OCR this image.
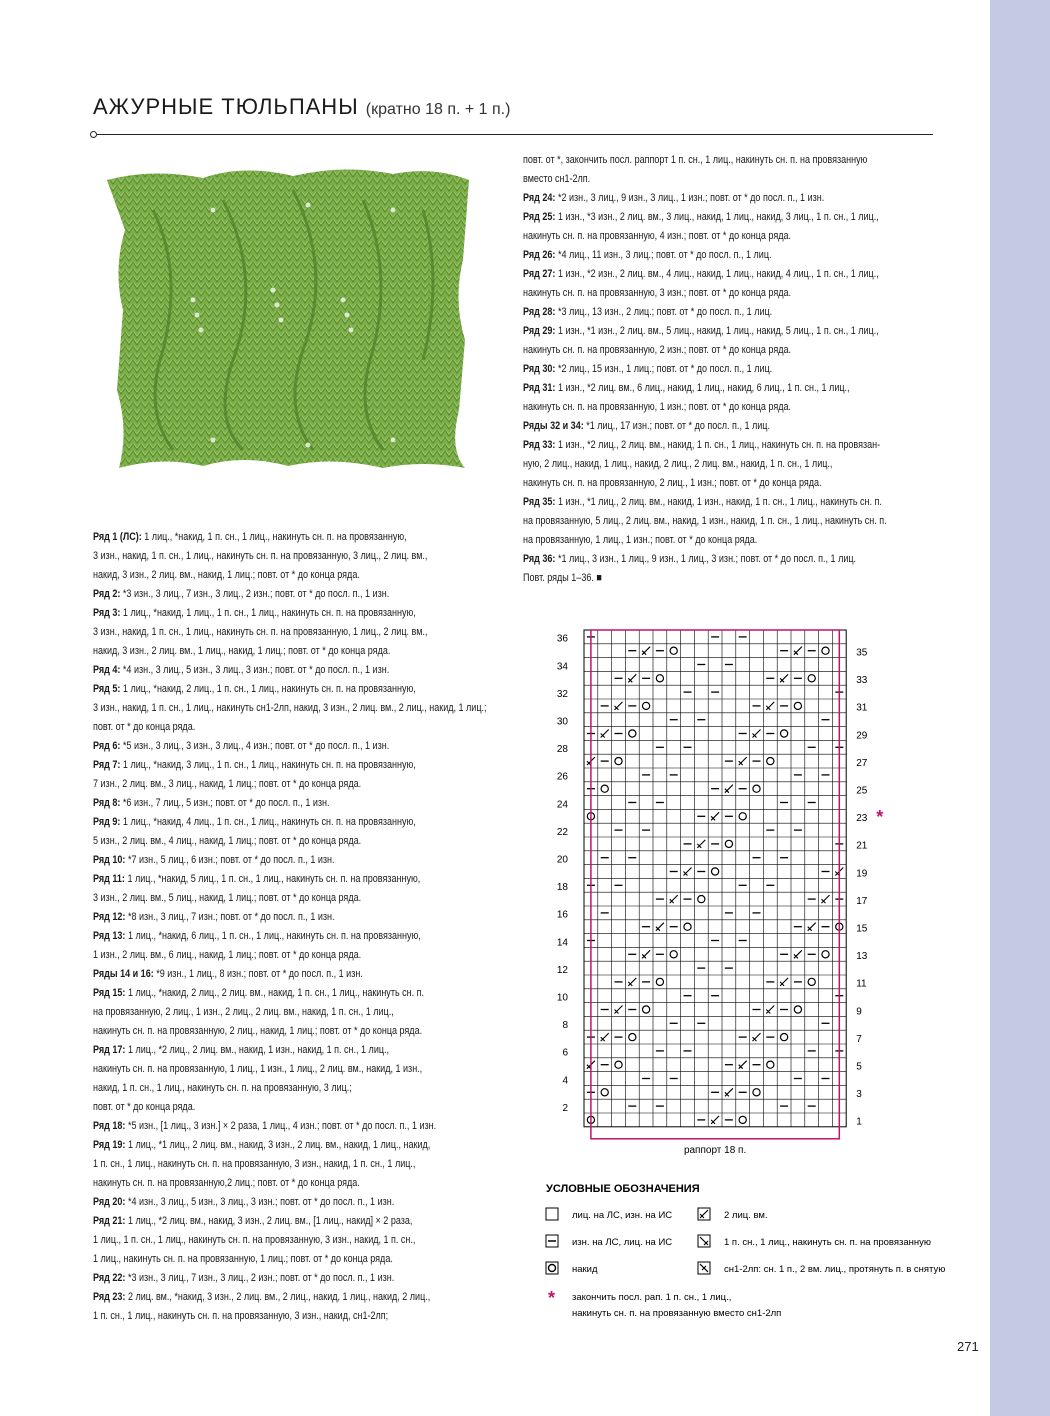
АЖУРНЫЕ ТЮЛЬПАНЫ (кратно 18 п. + 1 п.)
Ряд 1 (ЛС): 1 лиц., *накид, 1 п. сн., 1 лиц., накинуть сн. п. на провязанную,
3 изн., накид, 1 п. сн., 1 лиц., накинуть сн. п. на провязанную, 3 лиц., 2 лиц. вм.,
накид, 3 изн., 2 лиц. вм., накид, 1 лиц.; повт. от * до конца ряда.
Ряд 2: *3 изн., 3 лиц., 7 изн., 3 лиц., 2 изн.; повт. от * до посл. п., 1 изн.
Ряд 3: 1 лиц., *накид, 1 лиц., 1 п. сн., 1 лиц., накинуть сн. п. на провязанную,
3 изн., накид, 1 п. сн., 1 лиц., накинуть сн. п. на провязанную, 1 лиц., 2 лиц. вм.,
накид, 3 изн., 2 лиц. вм., 1 лиц., накид, 1 лиц.; повт. от * до конца ряда.
Ряд 4: *4 изн., 3 лиц., 5 изн., 3 лиц., 3 изн.; повт. от * до посл. п., 1 изн.
Ряд 5: 1 лиц., *накид, 2 лиц., 1 п. сн., 1 лиц., накинуть сн. п. на провязанную,
3 изн., накид, 1 п. сн., 1 лиц., накинуть сн1-2лп, накид, 3 изн., 2 лиц. вм., 2 лиц., накид, 1 лиц.;
повт. от * до конца ряда.
Ряд 6: *5 изн., 3 лиц., 3 изн., 3 лиц., 4 изн.; повт. от * до посл. п., 1 изн.
Ряд 7: 1 лиц., *накид, 3 лиц., 1 п. сн., 1 лиц., накинуть сн. п. на провязанную,
7 изн., 2 лиц. вм., 3 лиц., накид, 1 лиц.; повт. от * до конца ряда.
Ряд 8: *6 изн., 7 лиц., 5 изн.; повт. от * до посл. п., 1 изн.
Ряд 9: 1 лиц., *накид, 4 лиц., 1 п. сн., 1 лиц., накинуть сн. п. на провязанную,
5 изн., 2 лиц. вм., 4 лиц., накид, 1 лиц.; повт. от * до конца ряда.
Ряд 10: *7 изн., 5 лиц., 6 изн.; повт. от * до посл. п., 1 изн.
Ряд 11: 1 лиц., *накид, 5 лиц., 1 п. сн., 1 лиц., накинуть сн. п. на провязанную,
3 изн., 2 лиц. вм., 5 лиц., накид, 1 лиц.; повт. от * до конца ряда.
Ряд 12: *8 изн., 3 лиц., 7 изн.; повт. от * до посл. п., 1 изн.
Ряд 13: 1 лиц., *накид, 6 лиц., 1 п. сн., 1 лиц., накинуть сн. п. на провязанную,
1 изн., 2 лиц. вм., 6 лиц., накид, 1 лиц.; повт. от * до конца ряда.
Ряды 14 и 16: *9 изн., 1 лиц., 8 изн.; повт. от * до посл. п., 1 изн.
Ряд 15: 1 лиц., *накид, 2 лиц., 2 лиц. вм., накид, 1 п. сн., 1 лиц., накинуть сн. п.
на провязанную, 2 лиц., 1 изн., 2 лиц., 2 лиц. вм., накид, 1 п. сн., 1 лиц.,
накинуть сн. п. на провязанную, 2 лиц., накид, 1 лиц.; повт. от * до конца ряда.
Ряд 17: 1 лиц., *2 лиц., 2 лиц. вм., накид, 1 изн., накид, 1 п. сн., 1 лиц.,
накинуть сн. п. на провязанную, 1 лиц., 1 изн., 1 лиц., 2 лиц. вм., накид, 1 изн.,
накид, 1 п. сн., 1 лиц., накинуть сн. п. на провязанную, 3 лиц.;
повт. от * до конца ряда.
Ряд 18: *5 изн., [1 лиц., 3 изн.] × 2 раза, 1 лиц., 4 изн.; повт. от * до посл. п., 1 изн.
Ряд 19: 1 лиц., *1 лиц., 2 лиц. вм., накид, 3 изн., 2 лиц. вм., накид, 1 лиц., накид,
1 п. сн., 1 лиц., накинуть сн. п. на провязанную, 3 изн., накид, 1 п. сн., 1 лиц.,
накинуть сн. п. на провязанную,2 лиц.; повт. от * до конца ряда.
Ряд 20: *4 изн., 3 лиц., 5 изн., 3 лиц., 3 изн.; повт. от * до посл. п., 1 изн.
Ряд 21: 1 лиц., *2 лиц. вм., накид, 3 изн., 2 лиц. вм., [1 лиц., накид] × 2 раза,
1 лиц., 1 п. сн., 1 лиц., накинуть сн. п. на провязанную, 3 изн., накид, 1 п. сн.,
1 лиц., накинуть сн. п. на провязанную, 1 лиц.; повт. от * до конца ряда.
Ряд 22: *3 изн., 3 лиц., 7 изн., 3 лиц., 2 изн.; повт. от * до посл. п., 1 изн.
Ряд 23: 2 лиц. вм., *накид, 3 изн., 2 лиц. вм., 2 лиц., накид, 1 лиц., накид, 2 лиц.,
1 п. сн., 1 лиц., накинуть сн. п. на провязанную, 3 изн., накид, сн1-2лп;
повт. от *, закончить посл. раппорт 1 п. сн., 1 лиц., накинуть сн. п. на провязанную
вместо сн1-2лп.
Ряд 24: *2 изн., 3 лиц., 9 изн., 3 лиц., 1 изн.; повт. от * до посл. п., 1 изн.
Ряд 25: 1 изн., *3 изн., 2 лиц. вм., 3 лиц., накид, 1 лиц., накид, 3 лиц., 1 п. сн., 1 лиц.,
накинуть сн. п. на провязанную, 4 изн.; повт. от * до конца ряда.
Ряд 26: *4 лиц., 11 изн., 3 лиц.; повт. от * до посл. п., 1 лиц.
Ряд 27: 1 изн., *2 изн., 2 лиц. вм., 4 лиц., накид, 1 лиц., накид, 4 лиц., 1 п. сн., 1 лиц.,
накинуть сн. п. на провязанную, 3 изн.; повт. от * до конца ряда.
Ряд 28: *3 лиц., 13 изн., 2 лиц.; повт. от * до посл. п., 1 лиц.
Ряд 29: 1 изн., *1 изн., 2 лиц. вм., 5 лиц., накид, 1 лиц., накид, 5 лиц., 1 п. сн., 1 лиц.,
накинуть сн. п. на провязанную, 2 изн.; повт. от * до конца ряда.
Ряд 30: *2 лиц., 15 изн., 1 лиц.; повт. от * до посл. п., 1 лиц.
Ряд 31: 1 изн., *2 лиц. вм., 6 лиц., накид, 1 лиц., накид, 6 лиц., 1 п. сн., 1 лиц.,
накинуть сн. п. на провязанную, 1 изн.; повт. от * до конца ряда.
Ряды 32 и 34: *1 лиц., 17 изн.; повт. от * до посл. п., 1 лиц.
Ряд 33: 1 изн., *2 лиц., 2 лиц. вм., накид, 1 п. сн., 1 лиц., накинуть сн. п. на провязан-
ную, 2 лиц., накид, 1 лиц., накид, 2 лиц., 2 лиц. вм., накид, 1 п. сн., 1 лиц.,
накинуть сн. п. на провязанную, 2 лиц., 1 изн.; повт. от * до конца ряда.
Ряд 35: 1 изн., *1 лиц., 2 лиц. вм., накид, 1 изн., накид, 1 п. сн., 1 лиц., накинуть сн. п.
на провязанную, 5 лиц., 2 лиц. вм., накид, 1 изн., накид, 1 п. сн., 1 лиц., накинуть сн. п.
на провязанную, 1 лиц., 1 изн.; повт. от * до конца ряда.
Ряд 36: *1 лиц., 3 изн., 1 лиц., 9 изн., 1 лиц., 3 изн.; повт. от * до посл. п., 1 лиц.
Повт. ряды 1–36. ■
36
34
32
30
28
26
24
22
20
18
16
14
12
10
8
6
4
2
35
33
31
29
27
25
23
21
19
17
15
13
11
9
7
5
3
1
*
раппорт 18 п.
УСЛОВНЫЕ ОБОЗНАЧЕНИЯ
лиц. на ЛС, изн. на ИС
изн. на ЛС, лиц. на ИС
накид
2 лиц. вм.
1 п. сн., 1 лиц., накинуть сн. п. на провязанную
сн1-2лп: сн. 1 п., 2 вм. лиц., протянуть п. в снятую
* закончить посл. рап. 1 п. сн., 1 лиц.,
накинуть сн. п. на провязанную вместо сн1-2лп
271
